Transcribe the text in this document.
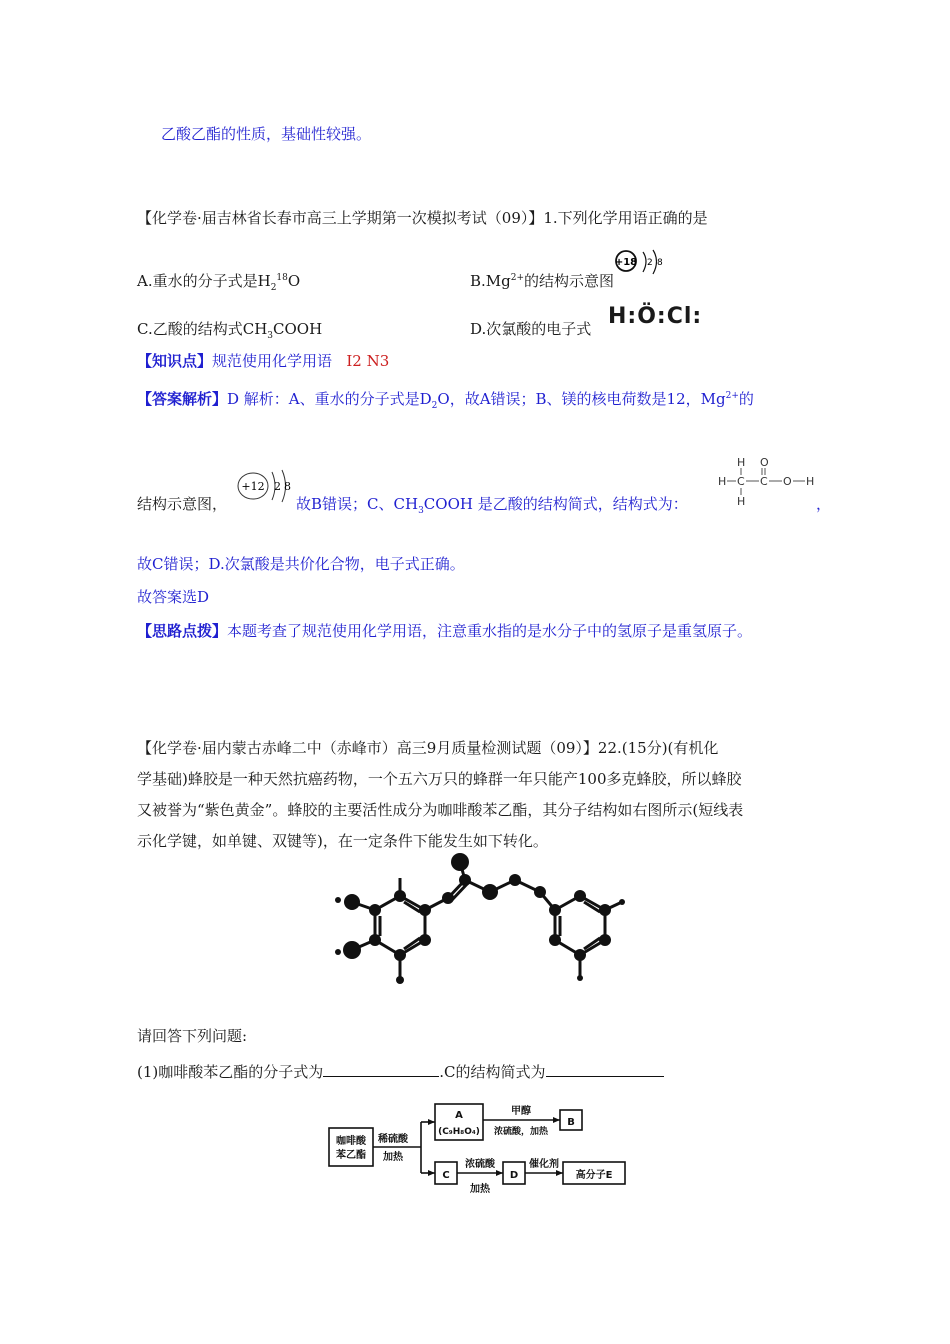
乙酸乙酯的性质，基础性较强。
【化学卷·届吉林省长春市高三上学期第一次模拟考试（09）】1.下列化学用语正确的是
A.重水的分子式是$H_2^{18}O$	$B.Mg^{2+}$的结构示意图
+18 2 8
C.乙酸的结构式$CH_3COOH$	D.次氯酸的电子式 H:Ö:Cl:
【知识点】规范使用化学用语 I2 N3
【答案解析】D 解析：A、重水的分子式是$D_2O$，故A错误；B、镁的核电荷数是12，$Mg^{2+}$的
结构示意图，
+12 2 8
故B错误；C、$CH_3COOH$ 是乙酸的结构简式，结构式为：
H O
H C C O H
H	，
故C错误；D.次氯酸是共价化合物，电子式正确。
故答案选D
【思路点拨】本题考查了规范使用化学用语，注意重水指的是水分子中的氢原子是重氢原子。
【化学卷·届内蒙古赤峰二中（赤峰市）高三9月质量检测试题（09）】22.(15分)(有机化
学基础)蜂胶是一种天然抗癌药物，一个五六万只的蜂群一年只能产100多克蜂胶，所以蜂胶
又被誉为“紫色黄金”。蜂胶的主要活性成分为咖啡酸苯乙酯，其分子结构如右图所示(短线表
示化学键，如单键、双键等)，在一定条件下能发生如下转化。
请回答下列问题:
(1)咖啡酸苯乙酯的分子式为	.C的结构简式为
咖啡酸
苯乙酯
稀硫酸
加热
A
(C₉H₈O₄)
甲醇
浓硫酸，加热
B
C
浓硫酸
加热
D
催化剂
高分子E
